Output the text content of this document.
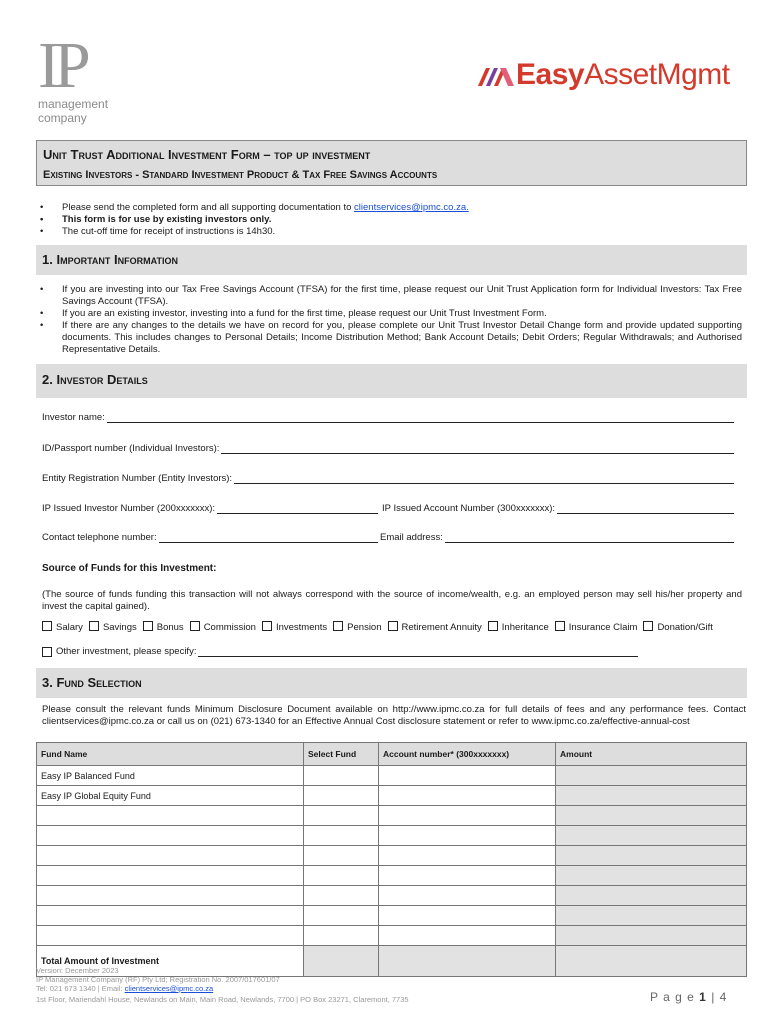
IP
management
company
EasyAssetMgmt
Unit Trust Additional Investment Form – top up investment
Existing Investors - Standard Investment Product & Tax Free Savings Accounts
• Please send the completed form and all supporting documentation to clientservices@ipmc.co.za.
• This form is for use by existing investors only.
• The cut-off time for receipt of instructions is 14h30.
1. Important Information
• If you are investing into our Tax Free Savings Account (TFSA) for the first time, please request our Unit Trust Application form for Individual Investors: Tax Free Savings Account (TFSA).
• If you are an existing investor, investing into a fund for the first time, please request our Unit Trust Investment Form.
• If there are any changes to the details we have on record for you, please complete our Unit Trust Investor Detail Change form and provide updated supporting documents. This includes changes to Personal Details; Income Distribution Method; Bank Account Details; Debit Orders; Regular Withdrawals; and Authorised Representative Details.
2. Investor Details
Investor name:
ID/Passport number (Individual Investors):
Entity Registration Number (Entity Investors):
IP Issued Investor Number (200xxxxxxx):	IP Issued Account Number (300xxxxxxx):
Contact telephone number:	Email address:
Source of Funds for this Investment:
(The source of funds funding this transaction will not always correspond with the source of income/wealth, e.g. an employed person may sell his/her property and invest the capital gained).
Salary Savings Bonus Commission Investments Pension Retirement Annuity Inheritance Insurance Claim Donation/Gift
Other investment, please specify:
3. Fund Selection
Please consult the relevant funds Minimum Disclosure Document available on http://www.ipmc.co.za for full details of fees and any performance fees. Contact clientservices@ipmc.co.za or call us on (021) 673-1340 for an Effective Annual Cost disclosure statement or refer to www.ipmc.co.za/effective-annual-cost
Fund Name	Select Fund	Account number* (300xxxxxxx)	Amount
Easy IP Balanced Fund			
Easy IP Global Equity Fund			

Total Amount of Investment			
Version: December 2023
IP Management Company (RF) Pty Ltd; Registration No. 2007/017601/07
Tel: 021 673 1340 | Email: clientservices@ipmc.co.za
1st Floor, Mariendahl House, Newlands on Main, Main Road, Newlands, 7700 | PO Box 23271, Claremont, 7735	P a g e 1 | 4
